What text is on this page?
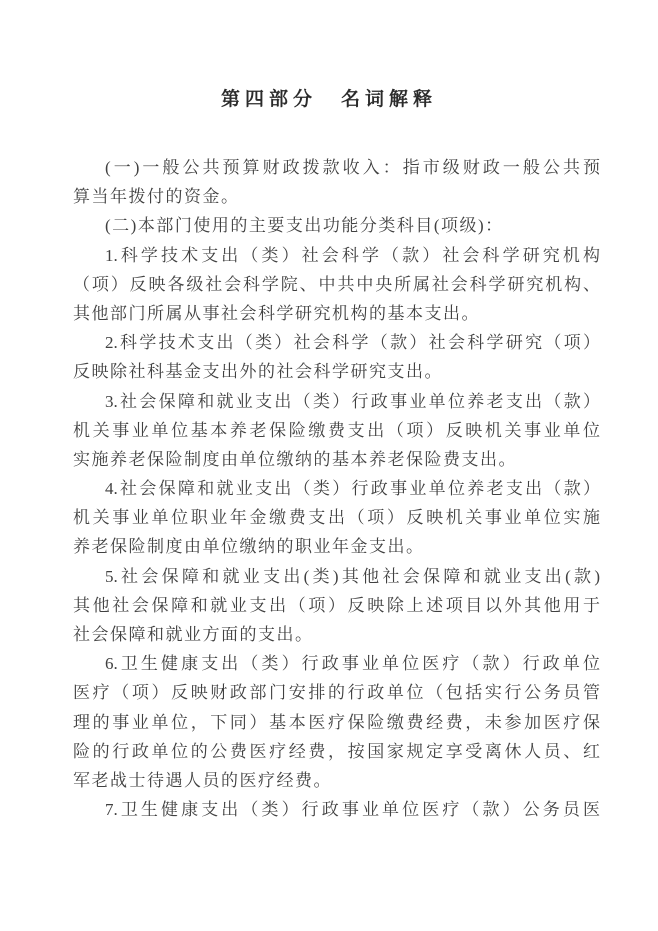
第四部分　名词解释
(一)一般公共预算财政拨款收入：指市级财政一般公共预
算当年拨付的资金。
(二)本部门使用的主要支出功能分类科目(项级)：
1.科学技术支出（类）社会科学（款）社会科学研究机构
（项）反映各级社会科学院、中共中央所属社会科学研究机构、
其他部门所属从事社会科学研究机构的基本支出。
2.科学技术支出（类）社会科学（款）社会科学研究（项）
反映除社科基金支出外的社会科学研究支出。
3.社会保障和就业支出（类）行政事业单位养老支出（款）
机关事业单位基本养老保险缴费支出（项）反映机关事业单位
实施养老保险制度由单位缴纳的基本养老保险费支出。
4.社会保障和就业支出（类）行政事业单位养老支出（款）
机关事业单位职业年金缴费支出（项）反映机关事业单位实施
养老保险制度由单位缴纳的职业年金支出。
5.社会保障和就业支出(类)其他社会保障和就业支出(款)
其他社会保障和就业支出（项）反映除上述项目以外其他用于
社会保障和就业方面的支出。
6.卫生健康支出（类）行政事业单位医疗（款）行政单位
医疗（项）反映财政部门安排的行政单位（包括实行公务员管
理的事业单位，下同）基本医疗保险缴费经费，未参加医疗保
险的行政单位的公费医疗经费，按国家规定享受离休人员、红
军老战士待遇人员的医疗经费。
7.卫生健康支出（类）行政事业单位医疗（款）公务员医
